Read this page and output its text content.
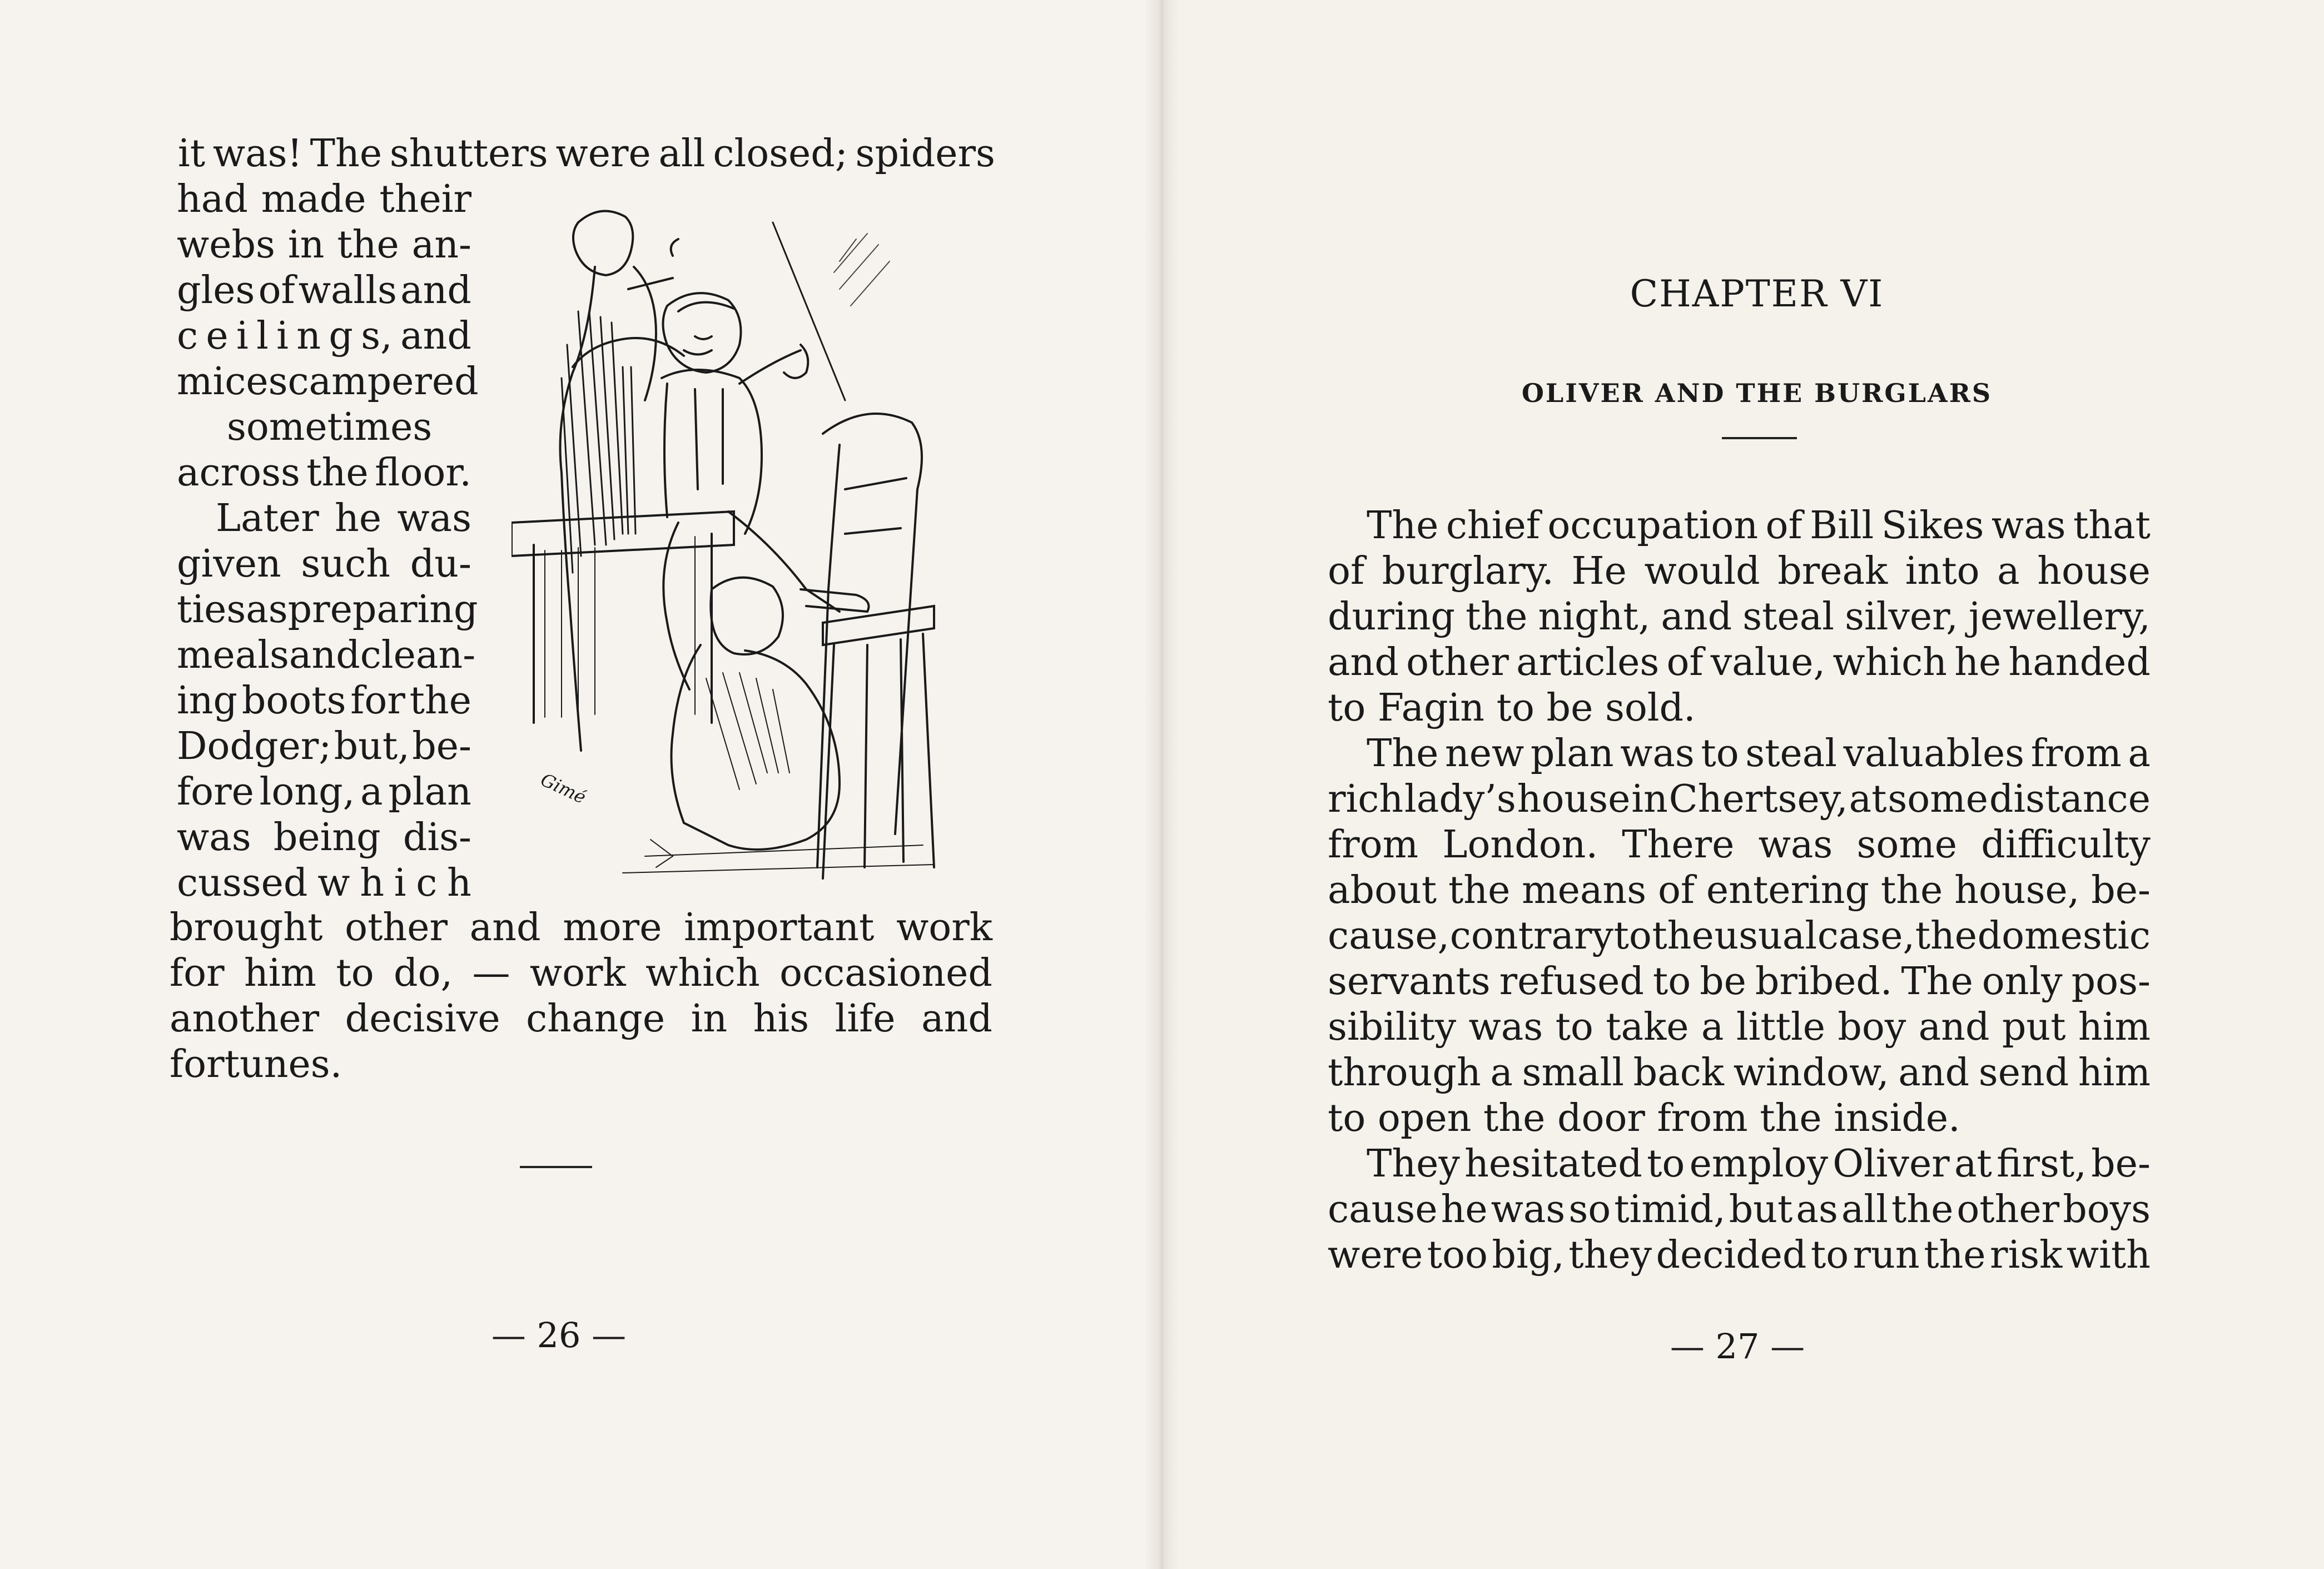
it was! The shutters were all closed; spiders
had made their
webs in the an-
gles of walls and
c e i l i n g s, and
mice scampered
sometimes
across the floor.
Later he was
given such du-
ties as preparing
meals and clean-
ing boots for the
Dodger; but, be-
fore long, a plan
was being dis-
cussed w h i c h
Gimé
brought other and more important work
for him to do, — work which occasioned
another decisive change in his life and
fortunes.
— 26 —
CHAPTER VI
OLIVER AND THE BURGLARS
The chief occupation of Bill Sikes was that
of burglary. He would break into a house
during the night, and steal silver, jewellery,
and other articles of value, which he handed
to Fagin to be sold.
The new plan was to steal valuables from a
rich lady’s house in Chertsey, at some distance
from London. There was some difficulty
about the means of entering the house, be-
cause, contrary to the usual case, the domestic
servants refused to be bribed. The only pos-
sibility was to take a little boy and put him
through a small back window, and send him
to open the door from the inside.
They hesitated to employ Oliver at first, be-
cause he was so timid, but as all the other boys
were too big, they decided to run the risk with
— 27 —
